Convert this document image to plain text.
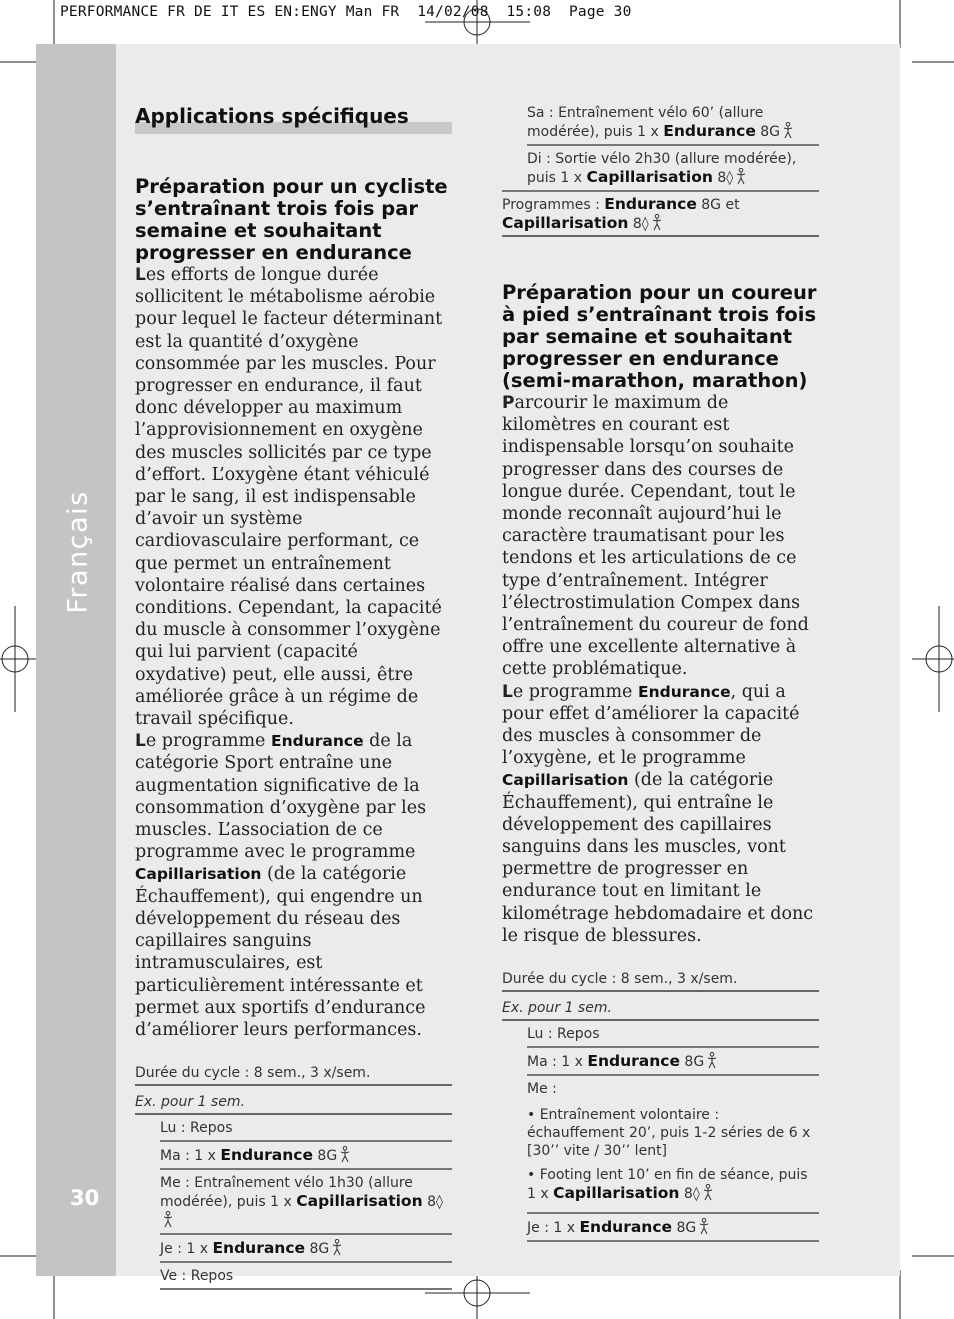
PERFORMANCE FR DE IT ES EN:ENGY Man FR  14/02/08  15:08  Page 30
Français
30
Applications spécifiques
Préparation pour un cycliste
s’entraînant trois fois par
semaine et souhaitant
progresser en endurance

Les efforts de longue durée sollicitent le métabolisme aérobie pour lequel le facteur déterminant est la quantité d’oxygène consommée par les muscles. Pour progresser en endurance, il faut donc développer au maximum l’approvisionnement en oxygène des muscles sollicités par ce type d’effort. L’oxygène étant véhiculé par le sang, il est indispensable d’avoir un système cardiovasculaire performant, ce que permet un entraînement volontaire réalisé dans certaines conditions. Cependant, la capacité du muscle à consommer l’oxygène qui lui parvient (capacité oxydative) peut, elle aussi, être améliorée grâce à un régime de travail spécifique.

Le programme Endurance de la catégorie Sport entraîne une augmentation significative de la consommation d’oxygène par les muscles. L’association de ce programme avec le programme Capillarisation (de la catégorie Échauffement), qui engendre un développement du réseau des capillaires sanguins intramusculaires, est particulièrement intéressante et permet aux sportifs d’endurance d’améliorer leurs performances.

Durée du cycle : 8 sem., 3 x/sem.
Ex. pour 1 sem.
Lu : Repos
Ma : 1 x Endurance 8G
Me : Entraînement vélo 1h30 (allure modérée), puis 1 x Capillarisation 8◊
Je : 1 x Endurance 8G
Ve : Repos
Sa : Entraînement vélo 60’ (allure modérée), puis 1 x Endurance 8G
Di : Sortie vélo 2h30 (allure modérée), puis 1 x Capillarisation 8◊
Programmes : Endurance 8G et
Capillarisation 8◊
Préparation pour un coureur
à pied s’entraînant trois fois
par semaine et souhaitant
progresser en endurance
(semi-marathon, marathon)

Parcourir le maximum de kilomètres en courant est indispensable lorsqu’on souhaite progresser dans des courses de longue durée. Cependant, tout le monde reconnaît aujourd’hui le caractère traumatisant pour les tendons et les articulations de ce type d’entraînement. Intégrer l’électrostimulation Compex dans l’entraînement du coureur de fond offre une excellente alternative à cette problématique.

Le programme Endurance, qui a pour effet d’améliorer la capacité des muscles à consommer de l’oxygène, et le programme Capillarisation (de la catégorie Échauffement), qui entraîne le développement des capillaires sanguins dans les muscles, vont permettre de progresser en endurance tout en limitant le kilométrage hebdomadaire et donc le risque de blessures.

Durée du cycle : 8 sem., 3 x/sem.
Ex. pour 1 sem.
Lu : Repos
Ma : 1 x Endurance 8G
Me :
• Entraînement volontaire : échauffement 20’, puis 1-2 séries de 6 x [30’’ vite / 30’’ lent]
• Footing lent 10’ en fin de séance, puis 1 x Capillarisation 8◊
Je : 1 x Endurance 8G
